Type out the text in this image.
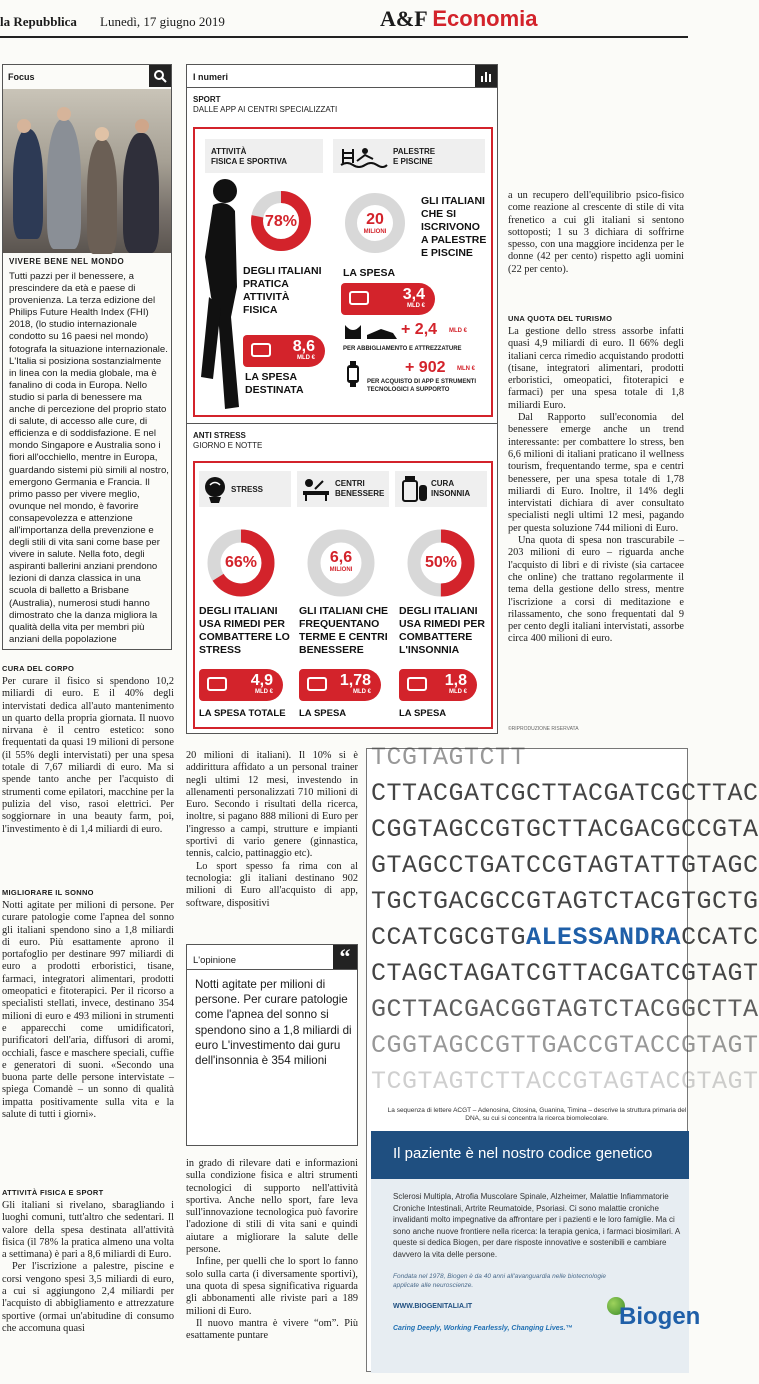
la Repubblica Lunedì, 17 giugno 2019	A&F Economia
Focus
VIVERE BENE NEL MONDO
Tutti pazzi per il benessere, a prescindere da età e paese di provenienza. La terza edizione del Philips Future Health Index (FHI) 2018, (lo studio internazionale condotto su 16 paesi nel mondo) fotografa la situazione internazionale. L'Italia si posiziona sostanzialmente in linea con la media globale, ma è fanalino di coda in Europa. Nello studio si parla di benessere ma anche di percezione del proprio stato di salute, di accesso alle cure, di efficienza e di soddisfazione. E nel mondo Singapore e Australia sono i fiori all'occhiello, mentre in Europa, guardando sistemi più simili al nostro, emergono Germania e Francia. Il primo passo per vivere meglio, ovunque nel mondo, è favorire consapevolezza e attenzione all'importanza della prevenzione e degli stili di vita sani come base per vivere in salute. Nella foto, degli aspiranti ballerini anziani prendono lezioni di danza classica in una scuola di balletto a Brisbane (Australia), numerosi studi hanno dimostrato che la danza migliora la qualità della vita per membri più anziani della popolazione
I numeri
SPORT
DALLE APP AI CENTRI SPECIALIZZATI
ATTIVITÀ
FISICA E SPORTIVA
78%
DEGLI ITALIANI PRATICA ATTIVITÀ FISICA
8,6
MLD €
LA SPESA DESTINATA
PALESTRE
E PISCINE
20
MILIONI
GLI ITALIANI CHE SI ISCRIVONO A PALESTRE E PISCINE
LA SPESA
3,4
MLD €
+ 2,4 MLD €
PER ABBIGLIAMENTO E ATTREZZATURE
+ 902 MLN €
PER ACQUISTO DI APP E STRUMENTI TECNOLOGICI A SUPPORTO
ANTI STRESS
GIORNO E NOTTE
STRESS
66%
DEGLI ITALIANI USA RIMEDI PER COMBATTERE LO STRESS
4,9
MLD €
LA SPESA TOTALE
CENTRI
BENESSERE
6,6
MILIONI
GLI ITALIANI CHE FREQUENTANO TERME E CENTRI BENESSERE
1,78
MLD €
LA SPESA
CURA
INSONNIA
50%
DEGLI ITALIANI USA RIMEDI PER COMBATTERE L'INSONNIA
1,8
MLD €
LA SPESA

a un recupero dell'equilibrio psico-fisico come reazione al crescente di stile di vita frenetico a cui gli italiani si sentono sottoposti; 1 su 3 dichiara di soffrirne spesso, con una maggiore incidenza per le donne (42 per cento) rispetto agli uomini (22 per cento).

UNA QUOTA DEL TURISMO

La gestione dello stress assorbe infatti quasi 4,9 miliardi di euro. Il 66% degli italiani cerca rimedio acquistando prodotti (tisane, integratori alimentari, prodotti erboristici, omeopatici, fitoterapici e farmaci) per una spesa totale di 1,8 miliardi Euro.

Dal Rapporto sull'economia del benessere emerge anche un trend interessante: per combattere lo stress, ben 6,6 milioni di italiani praticano il wellness tourism, frequentando terme, spa e centri benessere, per una spesa totale di 1,78 miliardi di Euro. Inoltre, il 14% degli intervistati dichiara di aver consultato specialisti negli ultimi 12 mesi, pagando per questa soluzione 744 milioni di Euro.

Una quota di spesa non trascurabile – 203 milioni di euro – riguarda anche l'acquisto di libri e di riviste (sia cartacee che online) che trattano regolarmente il tema della gestione dello stress, mentre l'iscrizione a corsi di meditazione e rilassamento, che sono frequentati dal 9 per cento degli italiani intervistati, assorbe circa 400 milioni di euro.

©RIPRODUZIONE RISERVATA
CURA DEL CORPO

Per curare il fisico si spendono 10,2 miliardi di euro. E il 40% degli intervistati dedica all'auto mantenimento un quarto della propria giornata. Il nuovo nirvana è il centro estetico: sono frequentati da quasi 19 milioni di persone (il 55% degli intervistati) per una spesa totale di 7,67 miliardi di euro. Ma si spende tanto anche per l'acquisto di strumenti come epilatori, macchine per la pulizia del viso, rasoi elettrici. Per soggiornare in una beauty farm, poi, l'investimento è di 1,4 miliardi di euro.

MIGLIORARE IL SONNO

Notti agitate per milioni di persone. Per curare patologie come l'apnea del sonno gli italiani spendono sino a 1,8 miliardi di euro. Più esattamente aprono il portafoglio per destinare 997 miliardi di euro a prodotti erboristici, tisane, farmaci, integratori alimentari, prodotti omeopatici e fitoterapici. Per il ricorso a specialisti stellati, invece, destinano 354 milioni di euro e 493 milioni in strumenti e apparecchi come umidificatori, purificatori dell'aria, diffusori di aromi, occhiali, fasce e maschere speciali, cuffie e generatori di suoni. «Secondo una buona parte delle persone intervistate – spiega Comandè – un sonno di qualità impatta positivamente sulla vita e la salute di tutti i giorni».

ATTIVITÀ FISICA E SPORT

Gli italiani si rivelano, sbaragliando i luoghi comuni, tutt'altro che sedentari. Il valore della spesa destinata all'attività fisica (il 78% la pratica almeno una volta a settimana) è pari a 8,6 miliardi di Euro.

Per l'iscrizione a palestre, piscine e corsi vengono spesi 3,5 miliardi di euro, a cui si aggiungono 2,4 miliardi per l'acquisto di abbigliamento e attrezzature sportive (ormai un'abitudine di consumo che accomuna quasi

20 milioni di italiani). Il 10% si è addirittura affidato a un personal trainer negli ultimi 12 mesi, investendo in allenamenti personalizzati 710 milioni di Euro. Secondo i risultati della ricerca, inoltre, si pagano 888 milioni di Euro per l'ingresso a campi, strutture e impianti sportivi di vario genere (ginnastica, tennis, calcio, pattinaggio etc).

Lo sport spesso fa rima con al tecnologia: gli italiani destinano 902 milioni di Euro all'acquisto di app, software, dispositivi

in grado di rilevare dati e informazioni sulla condizione fisica e altri strumenti tecnologici di supporto nell'attività sportiva. Anche nello sport, fare leva sull'innovazione tecnologica può favorire l'adozione di stili di vita sani e quindi aiutare a migliorare la salute delle persone.

Infine, per quelli che lo sport lo fanno solo sulla carta (i diversamente sportivi), una quota di spesa significativa riguarda gli abbonamenti alle riviste pari a 189 milioni di Euro.

Il nuovo mantra è vivere “om”. Più esattamente puntare

L'opinione	“
Notti agitate per milioni di persone. Per curare patologie come l'apnea del sonno si spendono sino a 1,8 miliardi di euro L'investimento dai guru dell'insonnia è 354 milioni
TCGTAGTCTT
CTTACGATCGCTTACGATCGCTTAC
CGGTAGCCGTGCTTACGACGCCGTA
GTAGCCTGATCCGTAGTATTGTAGC
TGCTGACGCCGTAGTCTACGTGCTG
CCATCGCGTGALESSANDRACCATC
CTAGCTAGATCGTTACGATCGTAGT
GCTTACGACGGTAGTCTACGGCTTA
CGGTAGCCGTTGACCGTACCGTAGT
TCGTAGTCTTACCGTAGTACGTAGT
La sequenza di lettere ACGT – Adenosina, Citosina, Guanina, Timina – descrive la struttura primaria del DNA, su cui si concentra la ricerca biomolecolare.
Il paziente è nel nostro codice genetico
Sclerosi Multipla, Atrofia Muscolare Spinale, Alzheimer, Malattie Infiammatorie Croniche Intestinali, Artrite Reumatoide, Psoriasi. Ci sono malattie croniche invalidanti molto impegnative da affrontare per i pazienti e le loro famiglie. Ma ci sono anche nuove frontiere nella ricerca: la terapia genica, i farmaci biosimilari. A queste si dedica Biogen, per dare risposte innovative e sostenibili e cambiare davvero la vita delle persone.
Fondata nel 1978, Biogen è da 40 anni all'avanguardia nelle biotecnologie applicate alle neuroscienze.
WWW.BIOGENITALIA.IT
Caring Deeply, Working Fearlessly, Changing Lives.™ Biogen
